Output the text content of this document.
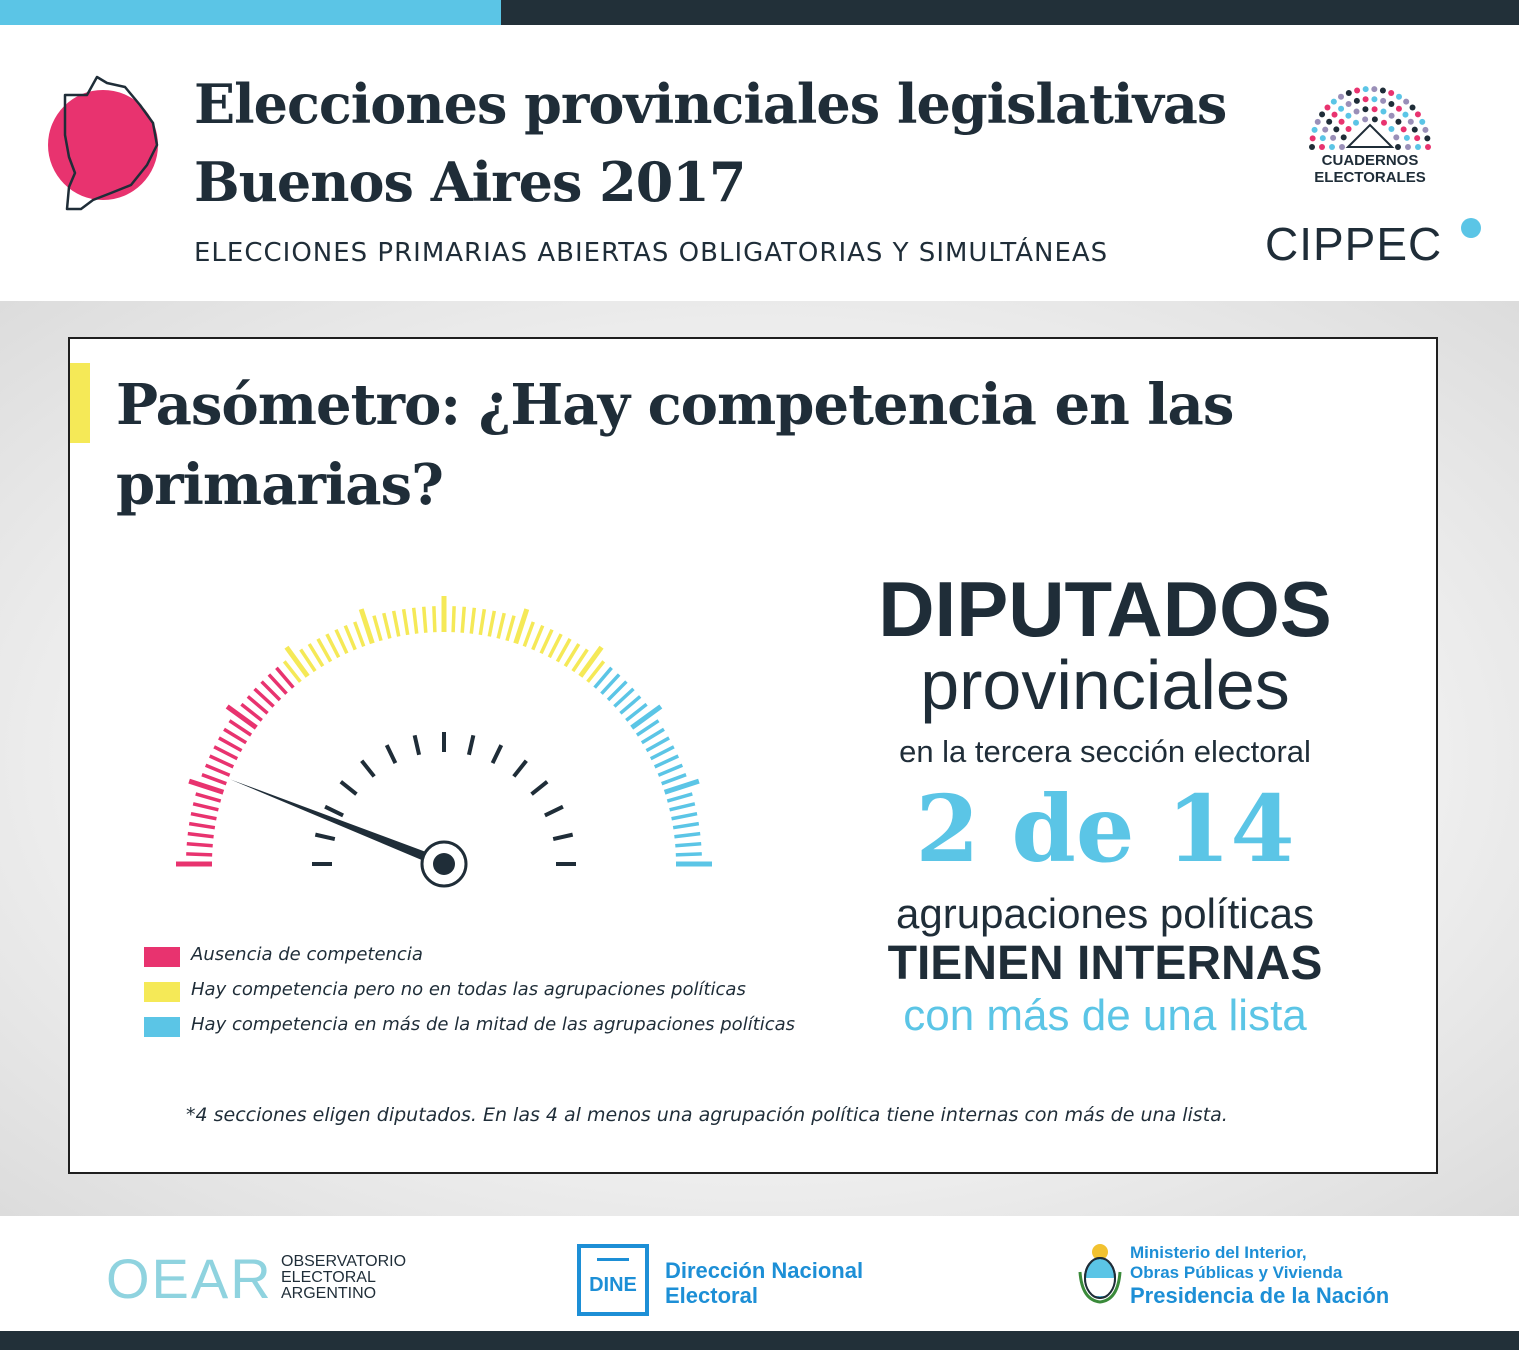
Elecciones provinciales legislativas
Buenos Aires 2017
ELECCIONES PRIMARIAS ABIERTAS OBLIGATORIAS Y SIMULTÁNEAS
CUADERNOS
ELECTORALES
CIPPEC
Pasómetro: ¿Hay competencia en las primarias?
Ausencia de competencia
Hay competencia pero no en todas las agrupaciones políticas
Hay competencia en más de la mitad de las agrupaciones políticas
DIPUTADOS
provinciales
en la tercera sección electoral
2 de 14
agrupaciones políticas
TIENEN INTERNAS
con más de una lista
*4 secciones eligen diputados. En las 4 al menos una agrupación política tiene internas con más de una lista.
OEAR OBSERVATORIO
ELECTORAL
ARGENTINO	DINE
Dirección Nacional
Electoral
Ministerio del Interior,
Obras Públicas y Vivienda
Presidencia de la Nación
